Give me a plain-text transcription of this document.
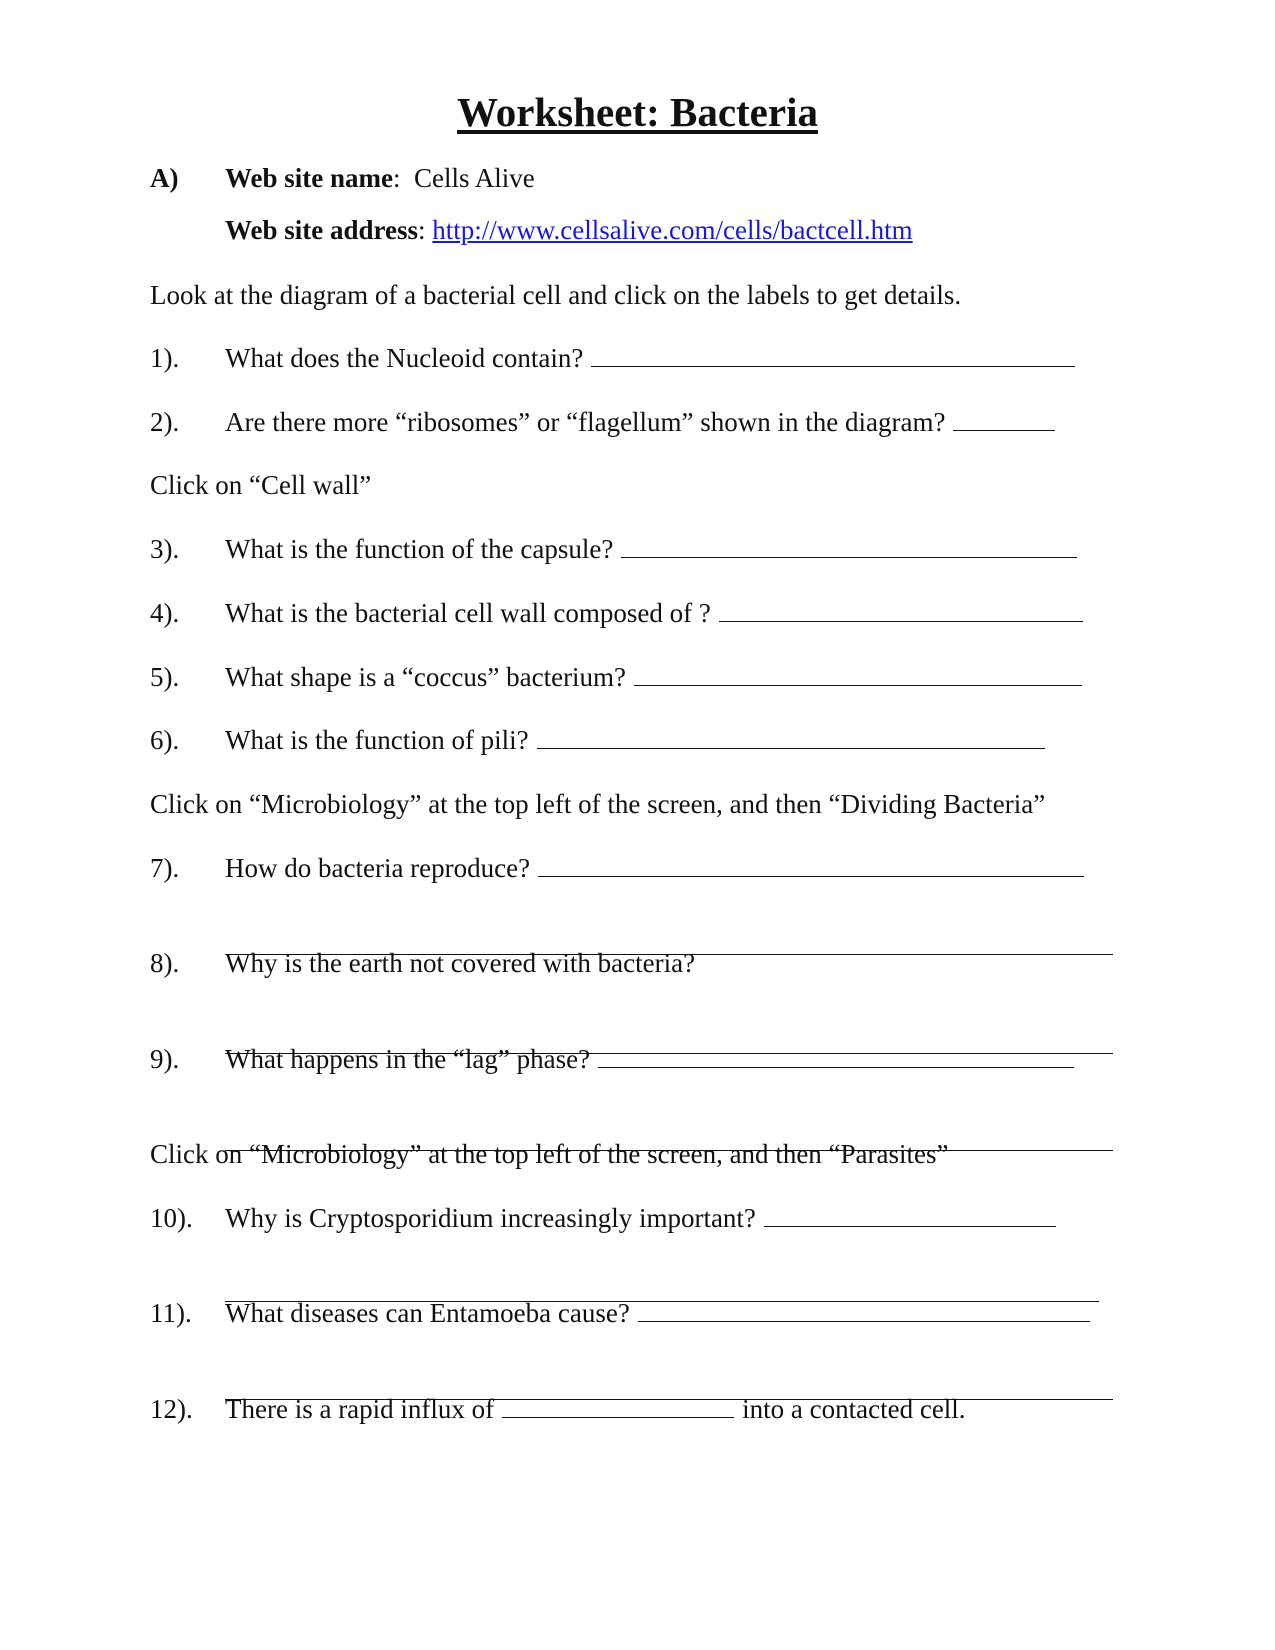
Worksheet: Bacteria
A) Web site name:  Cells Alive
Web site address: http://www.cellsalive.com/cells/bactcell.htm
Look at the diagram of a bacterial cell and click on the labels to get details.
1). What does the Nucleoid contain?
2). Are there more “ribosomes” or “flagellum” shown in the diagram?
Click on “Cell wall”
3). What is the function of the capsule?
4). What is the bacterial cell wall composed of ?
5). What shape is a “coccus” bacterium?
6). What is the function of pili?
Click on “Microbiology” at the top left of the screen, and then “Dividing Bacteria”
7). How do bacteria reproduce?
8). Why is the earth not covered with bacteria?
9). What happens in the “lag” phase?
Click on “Microbiology” at the top left of the screen, and then “Parasites”
10). Why is Cryptosporidium increasingly important?
11). What diseases can Entamoeba cause?
12). There is a rapid influx of	into a contacted cell.
